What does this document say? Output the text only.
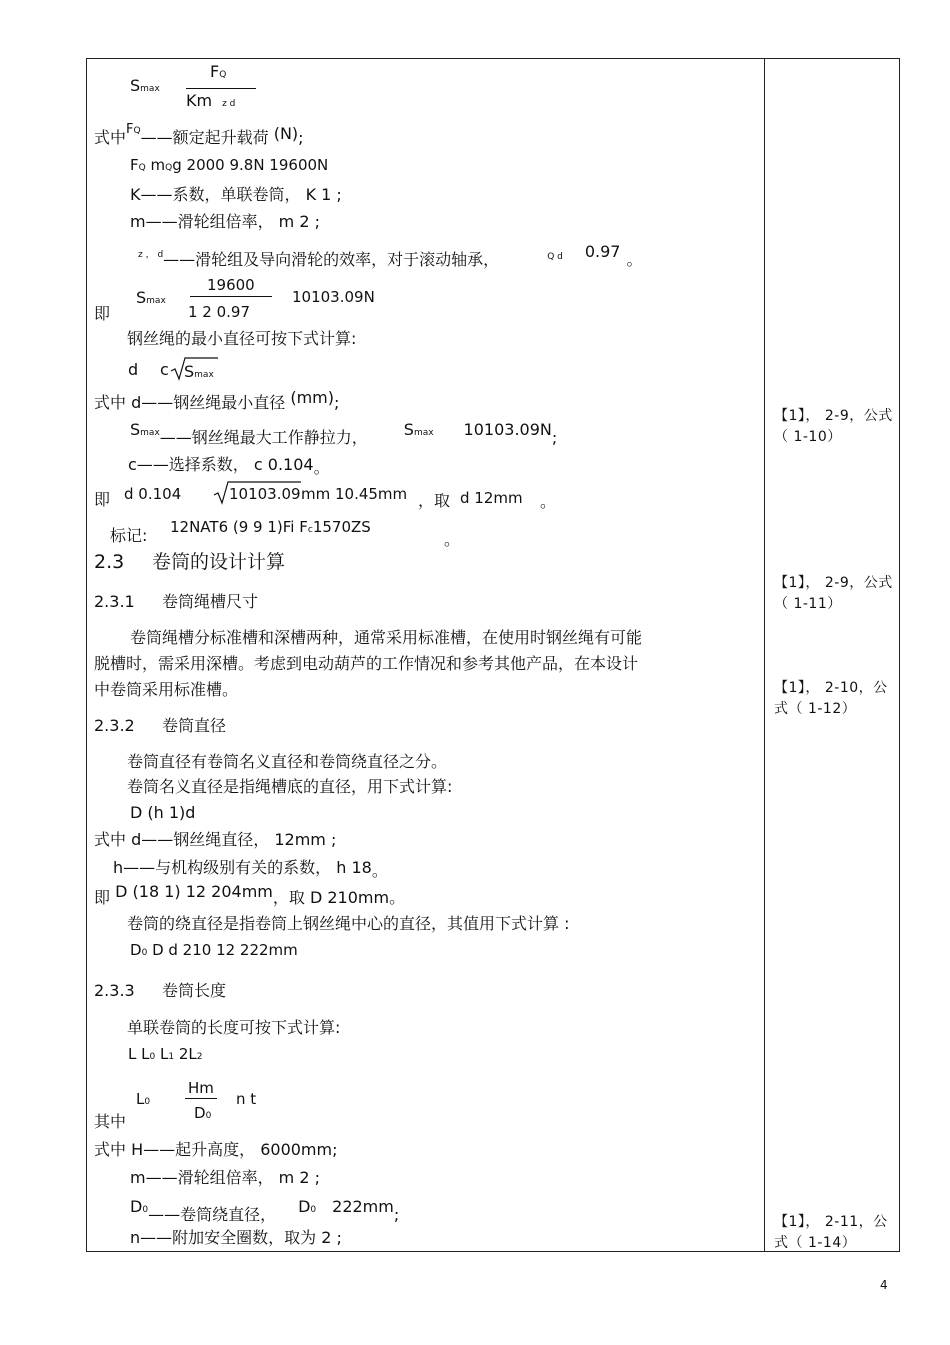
Smax
FQ
Km z d
式中$^{FQ}$——额定起升载荷 (N);
FQ mQg 2000 9.8N 19600N
K——系数，单联卷筒， K 1 ;
m——滑轮组倍率， m 2 ;
$^{z , d}$——滑轮组及导向滑轮的效率，对于滚动轴承，	$^{Q d}$ 0.97 。
即
Smax
19600
1 2 0.97
10103.09N
钢丝绳的最小直径可按下式计算:
d c Smax
式中 d——钢丝绳最小直径 (mm);
$S^{max}——$钢丝绳最大工作静拉力， $S^{max}$ 10103.09N;
c——选择系数， c 0.104。
即 d 0.104	10103.09 mm 10.45mm ，取 d 12mm 。
标记: 12NAT6 (9 9 1)Fi Fc1570ZS
。
2.3 卷筒的设计计算
2.3.1 卷筒绳槽尺寸
卷筒绳槽分标准槽和深槽两种，通常采用标准槽，在使用时钢丝绳有可能
脱槽时，需采用深槽。考虑到电动葫芦的工作情况和参考其他产品，在本设计
中卷筒采用标准槽。
2.3.2 卷筒直径
卷筒直径有卷筒名义直径和卷筒绕直径之分。
卷筒名义直径是指绳槽底的直径，用下式计算:
D (h 1)d
式中 d——钢丝绳直径， 12mm ;
h——与机构级别有关的系数， h 18。
即 D (18 1) 12 204mm，取 D 210mm。
卷筒的绕直径是指卷筒上钢丝绳中心的直径，其值用下式计算 :
D0 D d 210 12 222mm
2.3.3 卷筒长度
单联卷筒的长度可按下式计算:
L L0 L1 2L2
其中
L0
Hm
D0
n t
式中 H——起升高度， 6000mm;
m——滑轮组倍率， m 2 ;
$D^0——$卷筒绕直径， $D^0$ 222mm;
n——附加安全圈数，取为 2 ;
【1】， 2-9，公式（ 1-10）
【1】， 2-9，公式（ 1-11）
【1】， 2-10，公式（ 1-12）
【1】， 2-11，公式（ 1-14）
4
